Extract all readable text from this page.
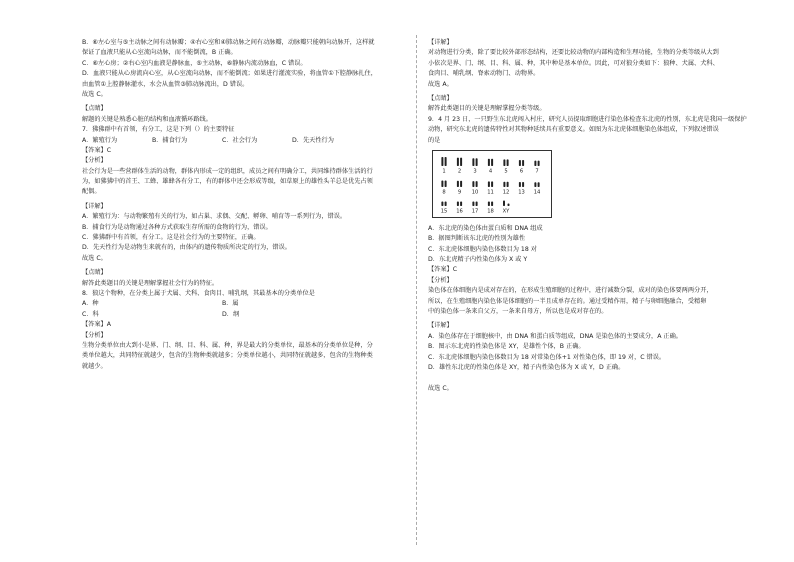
B．⑥左心室与⑤主动脉之间有动脉瓣；④右心室和④肺动脉之间有动脉瓣，动脉瓣只能朝向动脉开，这样就
保证了血液只能从心室流向动脉，而不能倒流，B 正确。
C．⑥左心房；②右心室内血液是静脉血，⑤主动脉，⑥静脉内流动脉血，C 错误。
D．血液只能从心房流向心室，从心室流向动脉，而不能倒流；如果进行灌流实验，将血管①下腔静脉扎住，
由血管①上腔静脉灌水，水会从血管③肺动脉流出，D 错误。
故选 C。
【点睛】
解题的关键是熟悉心脏的结构和血液循环路线。
7．狒狒群中有首领，有分工，这是下列（）的主要特征
A．繁殖行为	B．捕食行为	C．社会行为	D．先天性行为
【答案】C
【分析】
社会行为是一些营群体生活的动物，群体内形成一定的组织，成员之间有明确分工，共同维持群体生活的行
为，如狒狒中的首王、工蜂、雄蜂各有分工，有的群体中还会形成等级，如草原上的雄性头羊总是优先占领
配偶。
【详解】
A．繁殖行为：与动物繁殖有关的行为，如占巢、求偶、交配、孵卵、哺育等一系列行为，错误。
B．捕食行为是动物通过各种方式获取生存所需的食物的行为，错误。
C．狒狒群中有首领，有分工。这是社会行为的主要特征，正确。
D．先天性行为是动物生来就有的，由体内的遗传物质所决定的行为，错误。
故选 C。
【点睛】
解答此类题目的关键是理解掌握社会行为的特征。
8．狼这个物种，在分类上属于犬属、犬科、食肉目、哺乳纲，其最基本的分类单位是
A．种	B．属
C．科	D．纲
【答案】A
【分析】
生物分类单位由大到小是界、门、纲、目、科、属、种，界是最大的分类单位，最基本的分类单位是种，分
类单位越大，共同特征就越少，包含的生物种类就越多；分类单位越小，共同特征就越多，包含的生物种类
就越少。
【详解】
对动物进行分类，除了要比较外部形态结构，还要比较动物的内部构造和生理功能，生物的分类等级从大到
小依次是界、门、纲、目、科、属、种，其中种是基本单位。因此，可对狼分类如下：狼种、犬属、犬科、
食肉目、哺乳纲、脊索动物门、动物界。
故选 A。
【点睛】
解答此类题目的关键是理解掌握分类等级。
9．4 月 23 日，一只野生东北虎闯入村庄，研究人员提取细胞进行染色体检查东北虎的性别，东北虎是我国一级保护
动物，研究东北虎的遗传特性对其物种延续具有重要意义。如图为东北虎体细胞染色体组成，下列叙述错误
的是
1 2 3 4 5 6 7
8 9 10 11 12 13 14
15 16 17 18 XY
A．东北虎的染色体由蛋白质和 DNA 组成
B．据图判断该东北虎的性别为雄性
C．东北虎体细胞内染色体数目为 18 对
D．东北虎精子内性染色体为 X 或 Y
【答案】C
【分析】
染色体在体细胞内是成对存在的，在形成生殖细胞的过程中，进行减数分裂，成对的染色体要两两分开，
所以，在生殖细胞内染色体是体细胞的一半且成单存在的。通过受精作用，精子与卵细胞融合，受精卵
中的染色体一条来自父方，一条来自母方，所以也是成对存在的。
【详解】
A．染色体存在于细胞核中，由 DNA 和蛋白质等组成，DNA 是染色体的主要成分，A 正确。
B．图示东北虎的性染色体是 XY，是雄性个体，B 正确。
C．东北虎体细胞内染色体数目为 18 对常染色体+1 对性染色体，即 19 对，C 错误。
D．雄性东北虎的性染色体是 XY，精子内性染色体为 X 或 Y，D 正确。
故选 C。
